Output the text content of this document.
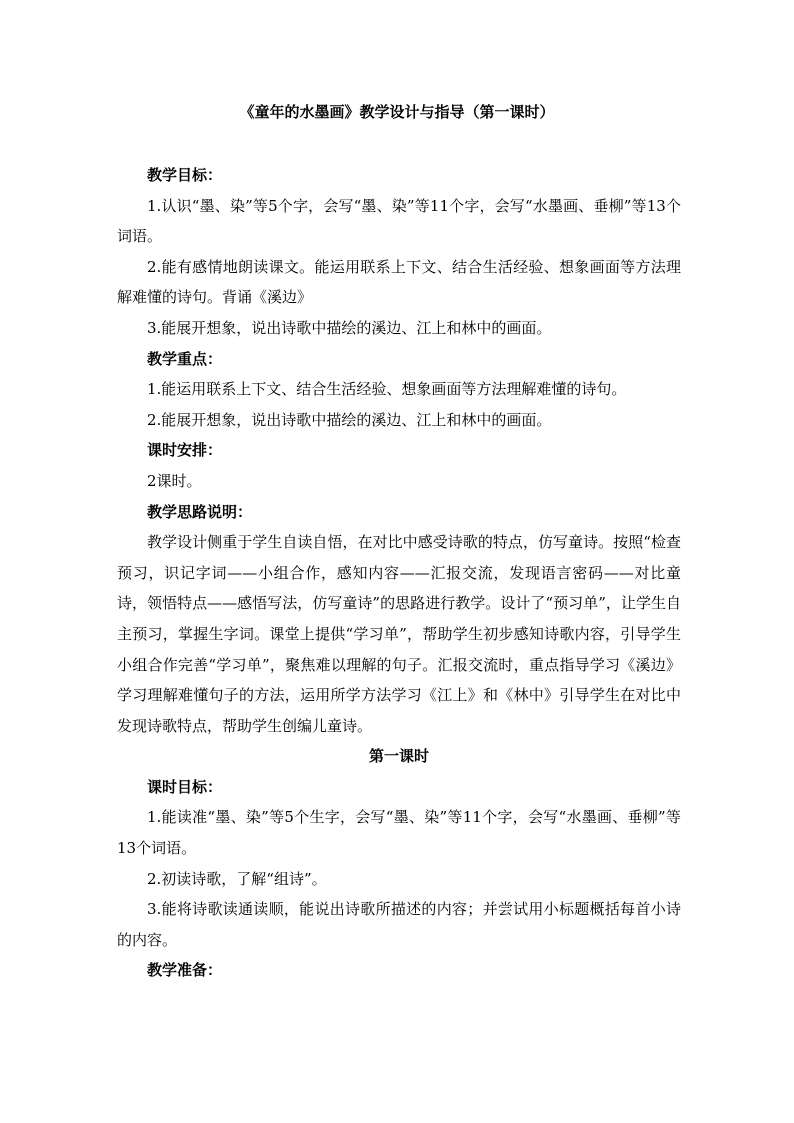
《童年的水墨画》教学设计与指导（第一课时）

教学目标：

1.认识“墨、染”等5个字，会写“墨、染”等11个字，会写“水墨画、垂柳”等13个词语。

2.能有感情地朗读课文。能运用联系上下文、结合生活经验、想象画面等方法理解难懂的诗句。背诵《溪边》

3.能展开想象，说出诗歌中描绘的溪边、江上和林中的画面。

教学重点：

1.能运用联系上下文、结合生活经验、想象画面等方法理解难懂的诗句。

2.能展开想象，说出诗歌中描绘的溪边、江上和林中的画面。

课时安排：

2课时。

教学思路说明：

教学设计侧重于学生自读自悟，在对比中感受诗歌的特点，仿写童诗。按照“检查预习，识记字词——小组合作，感知内容——汇报交流，发现语言密码——对比童诗，领悟特点——感悟写法，仿写童诗”的思路进行教学。设计了“预习单”，让学生自主预习，掌握生字词。课堂上提供“学习单”，帮助学生初步感知诗歌内容，引导学生小组合作完善“学习单”，聚焦难以理解的句子。汇报交流时，重点指导学习《溪边》学习理解难懂句子的方法，运用所学方法学习《江上》和《林中》引导学生在对比中发现诗歌特点，帮助学生创编儿童诗。

第一课时

课时目标：

1.能读准“墨、染”等5个生字，会写“墨、染”等11个字，会写“水墨画、垂柳”等13个词语。

2.初读诗歌，了解“组诗”。

3.能将诗歌读通读顺，能说出诗歌所描述的内容；并尝试用小标题概括每首小诗的内容。

教学准备：
